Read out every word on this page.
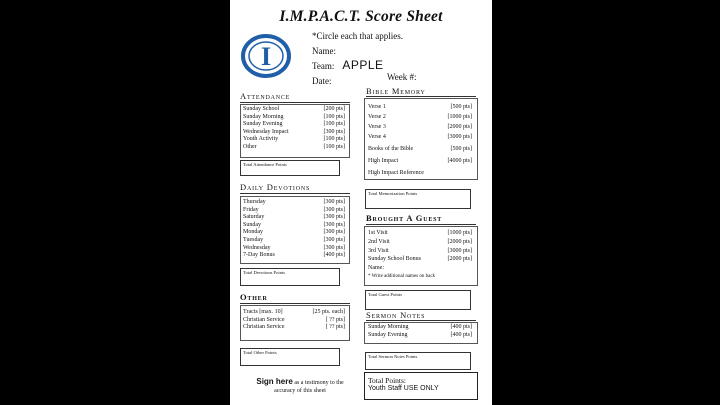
I.M.P.A.C.T. Score Sheet
I
*Circle each that applies.
Name:
Team: APPLE
Date:	Week #:
Attendance
Sunday School	[200 pts]
Sunday Morning	[100 pts]
Sunday Evening	[100 pts]
Wednesday Impact	[300 pts]
Youth Activity	[100 pts]
Other	[100 pts]
Total Attendance Points
Daily Devotions
Thursday	[300 pts]
Friday	[300 pts]
Saturday	[300 pts]
Sunday	[300 pts]
Monday	[300 pts]
Tuesday	[300 pts]
Wednesday	[300 pts]
7-Day Bonus	[400 pts]
Total Devotions Points
Other
Tracts [max. 10]	[25 pts. each]
Christian Service	[ ?? pts]
Christian Service	[ ?? pts]
Total Other Points
Sign here as a testimony to the
accuracy of this sheet
Bible Memory
Verse 1	[500 pts]
Verse 2	[1000 pts]
Verse 3	[2000 pts]
Verse 4	[3000 pts]
Books of the Bible	[500 pts]
High Impact	[4000 pts]
High Impact Reference
Total Memorization Points
Brought A Guest
1st Visit	[1000 pts]
2nd Visit	[2000 pts]
3rd Visit	[3000 pts]
Sunday School Bonus	[2000 pts]
Name:
* Write additional names on back
Total Guest Points
Sermon Notes
Sunday Morning	[400 pts]
Sunday Evening	[400 pts]
Total Sermon Notes Points
Total Points:
Youth Staff USE ONLY
